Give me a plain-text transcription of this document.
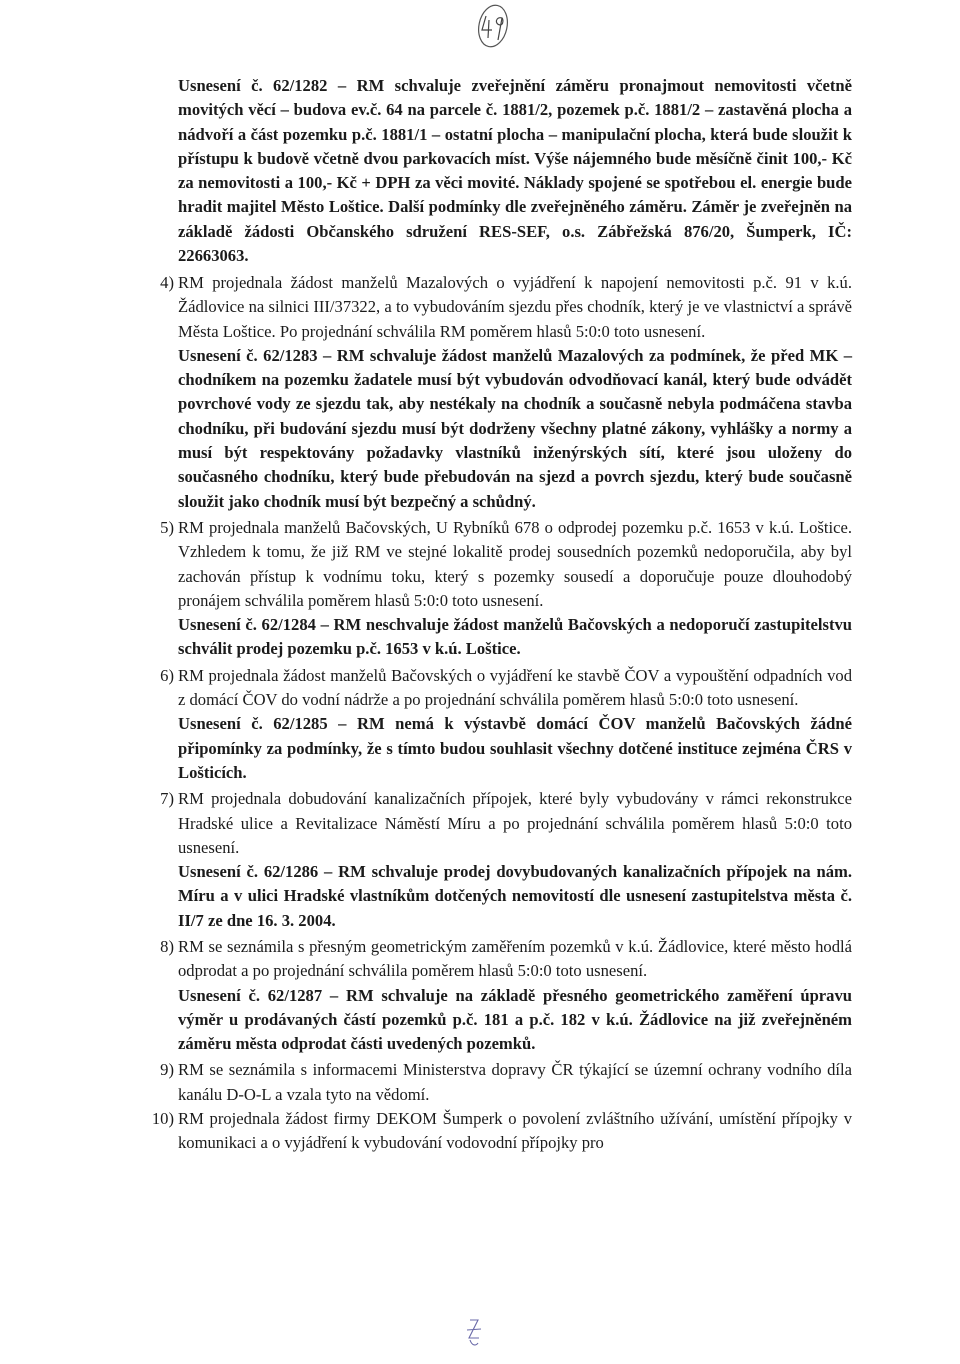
Usnesení č. 62/1282 – RM schvaluje zveřejnění záměru pronajmout nemovitosti včetně movitých věcí – budova ev.č. 64 na parcele č. 1881/2, pozemek p.č. 1881/2 – zastavěná plocha a nádvoří a část pozemku p.č. 1881/1 – ostatní plocha – manipulační plocha, která bude sloužit k přístupu k budově včetně dvou parkovacích míst. Výše nájemného bude měsíčně činit 100,- Kč za nemovitosti a 100,- Kč + DPH za věci movité. Náklady spojené se spotřebou el. energie bude hradit majitel Město Loštice. Další podmínky dle zveřejněného záměru. Záměr je zveřejněn na základě žádosti Občanského sdružení RES-SEF, o.s. Zábřežská 876/20, Šumperk, IČ: 22663063.

4) RM projednala žádost manželů Mazalových o vyjádření k napojení nemovitosti p.č. 91 v k.ú. Žádlovice na silnici III/37322, a to vybudováním sjezdu přes chodník, který je ve vlastnictví a správě Města Loštice. Po projednání schválila RM poměrem hlasů 5:0:0 toto usnesení.

Usnesení č. 62/1283 – RM schvaluje žádost manželů Mazalových za podmínek, že před MK – chodníkem na pozemku žadatele musí být vybudován odvodňovací kanál, který bude odvádět povrchové vody ze sjezdu tak, aby nestékaly na chodník a současně nebyla podmáčena stavba chodníku, při budování sjezdu musí být dodrženy všechny platné zákony, vyhlášky a normy a musí být respektovány požadavky vlastníků inženýrských sítí, které jsou uloženy do současného chodníku, který bude přebudován na sjezd a povrch sjezdu, který bude současně sloužit jako chodník musí být bezpečný a schůdný.

5) RM projednala manželů Bačovských, U Rybníků 678 o odprodej pozemku p.č. 1653 v k.ú. Loštice. Vzhledem k tomu, že již RM ve stejné lokalitě prodej sousedních pozemků nedoporučila, aby byl zachován přístup k vodnímu toku, který s pozemky sousedí a doporučuje pouze dlouhodobý pronájem schválila poměrem hlasů 5:0:0 toto usnesení.

Usnesení č. 62/1284 – RM neschvaluje žádost manželů Bačovských a nedoporučí zastupitelstvu schválit prodej pozemku p.č. 1653 v k.ú. Loštice.

6) RM projednala žádost manželů Bačovských o vyjádření ke stavbě ČOV a vypouštění odpadních vod z domácí ČOV do vodní nádrže a po projednání schválila poměrem hlasů 5:0:0 toto usnesení.

Usnesení č. 62/1285 – RM nemá k výstavbě domácí ČOV manželů Bačovských žádné připomínky za podmínky, že s tímto budou souhlasit všechny dotčené instituce zejména ČRS v Lošticích.

7) RM projednala dobudování kanalizačních přípojek, které byly vybudovány v rámci rekonstrukce Hradské ulice a Revitalizace Náměstí Míru a po projednání schválila poměrem hlasů 5:0:0 toto usnesení.

Usnesení č. 62/1286 – RM schvaluje prodej dovybudovaných kanalizačních přípojek na nám. Míru a v ulici Hradské vlastníkům dotčených nemovitostí dle usnesení zastupitelstva města č. II/7 ze dne 16. 3. 2004.

8) RM se seznámila s přesným geometrickým zaměřením pozemků v k.ú. Žádlovice, které město hodlá odprodat a po projednání schválila poměrem hlasů 5:0:0 toto usnesení.

Usnesení č. 62/1287 – RM schvaluje na základě přesného geometrického zaměření úpravu výměr u prodávaných částí pozemků p.č. 181 a p.č. 182 v k.ú. Žádlovice na již zveřejněném záměru města odprodat části uvedených pozemků.

9) RM se seznámila s informacemi Ministerstva dopravy ČR týkající se územní ochrany vodního díla kanálu D-O-L a vzala tyto na vědomí.
10) RM projednala žádost firmy DEKOM Šumperk o povolení zvláštního užívání, umístění přípojky v komunikaci a o vyjádření k vybudování vodovodní přípojky pro
